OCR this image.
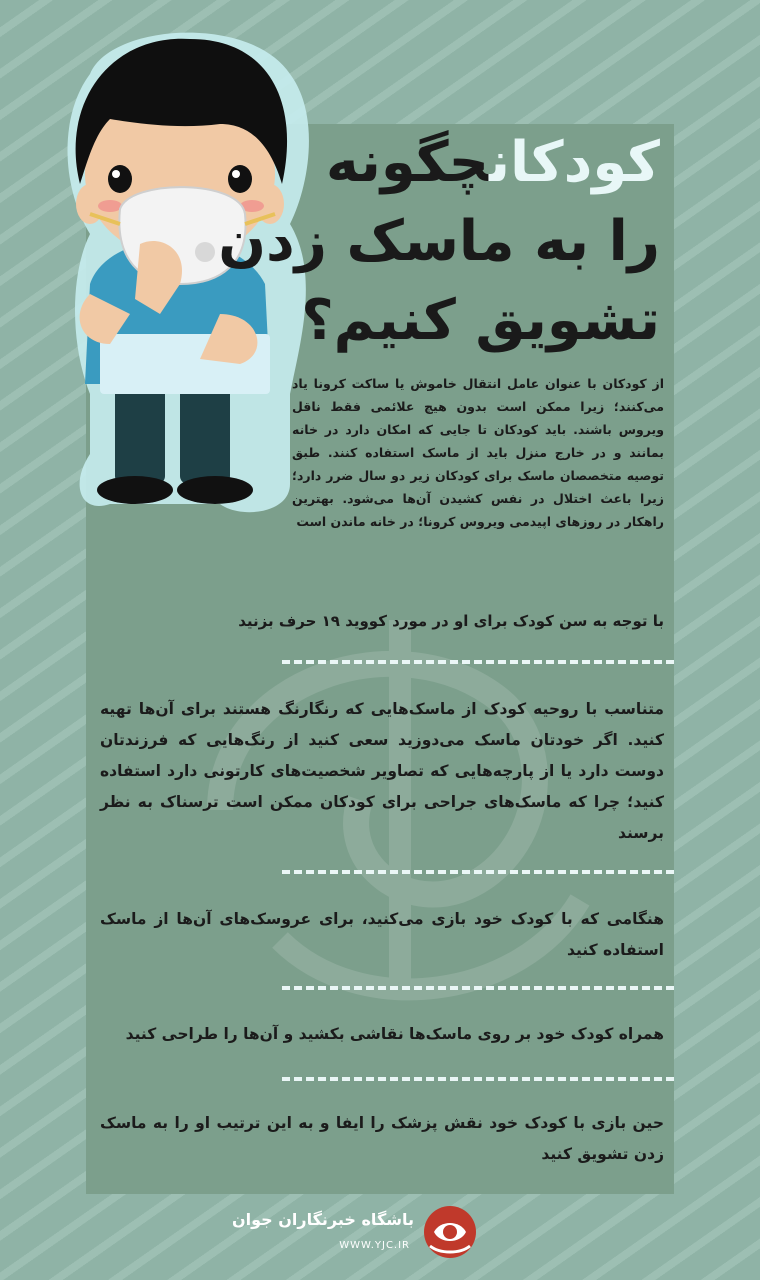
کودکانچگونه
را به ماسک زدن
تشویق کنیم؟
از کودکان با عنوان عامل انتقال خاموش یا ساکت کرونا یاد می‌کنند؛ زیرا ممکن است بدون هیچ علائمی فقط ناقل ویروس باشند. باید کودکان تا جایی که امکان دارد در خانه بمانند و در خارج منزل باید از ماسک استفاده کنند. طبق توصیه متخصصان ماسک برای کودکان زیر دو سال ضرر دارد؛ زیرا باعث اختلال در نفس کشیدن آن‌ها می‌شود. بهترین راهکار در روزهای اپیدمی ویروس کرونا؛ در خانه ماندن است
با توجه به سن کودک برای او در مورد کووید ۱۹ حرف بزنید
متناسب با روحیه کودک از ماسک‌هایی که رنگارنگ هستند برای آن‌ها تهیه کنید. اگر خودتان ماسک می‌دوزید سعی کنید از رنگ‌هایی که فرزندتان دوست دارد یا از پارچه‌هایی که تصاویر شخصیت‌های کارتونی دارد استفاده کنید؛ چرا که ماسک‌های جراحی برای کودکان ممکن است ترسناک به نظر برسند
هنگامی که با کودک خود بازی می‌کنید، برای عروسک‌های آن‌ها از ماسک استفاده کنید
همراه کودک خود بر روی ماسک‌ها نقاشی بکشید و آن‌ها را طراحی کنید
حین بازی با کودک خود نقش پزشک را ایفا و به این ترتیب او را به ماسک زدن تشویق کنید
باشگاه خبرنگاران جوان
WWW.YJC.IR
